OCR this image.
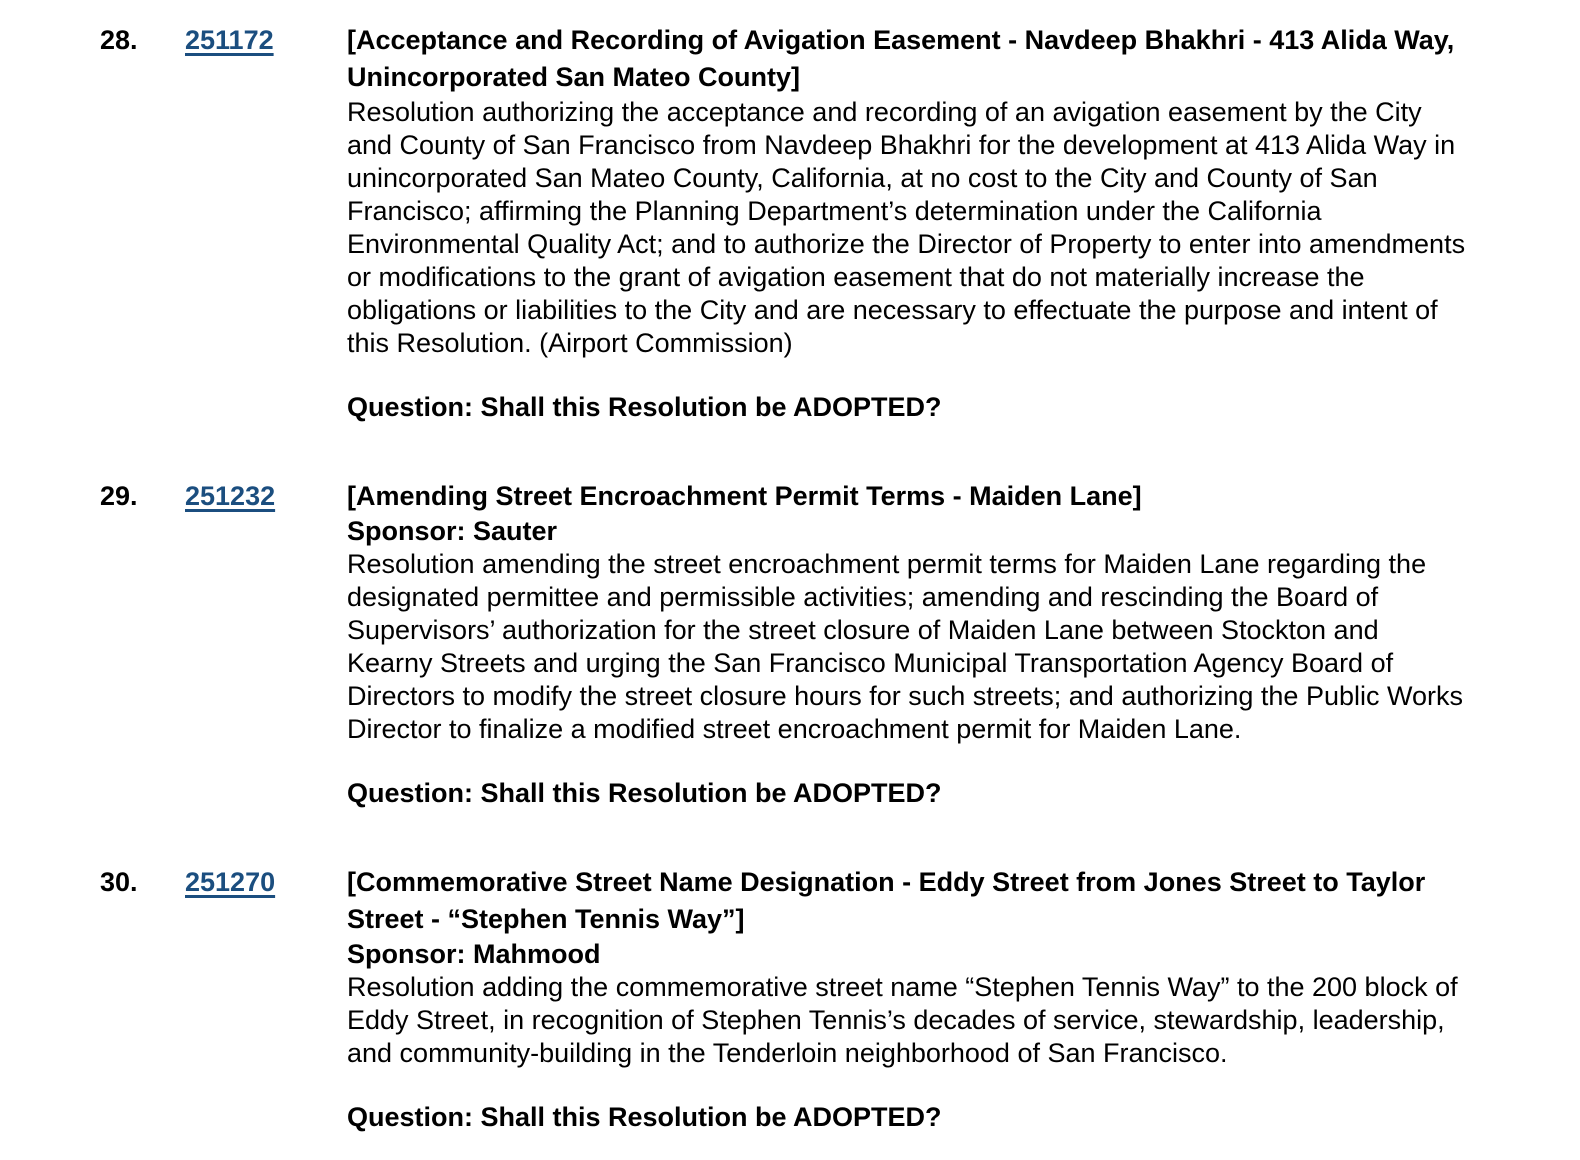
28.	251172	[Acceptance and Recording of Avigation Easement - Navdeep Bhakhri - 413 Alida Way, Unincorporated San Mateo County]
Resolution authorizing the acceptance and recording of an avigation easement by the City and County of San Francisco from Navdeep Bhakhri for the development at 413 Alida Way in unincorporated San Mateo County, California, at no cost to the City and County of San Francisco; affirming the Planning Department’s determination under the California Environmental Quality Act; and to authorize the Director of Property to enter into amendments or modifications to the grant of avigation easement that do not materially increase the obligations or liabilities to the City and are necessary to effectuate the purpose and intent of this Resolution. (Airport Commission)
Question: Shall this Resolution be ADOPTED?
29.	251232	[Amending Street Encroachment Permit Terms - Maiden Lane]
Sponsor: Sauter
Resolution amending the street encroachment permit terms for Maiden Lane regarding the designated permittee and permissible activities; amending and rescinding the Board of Supervisors’ authorization for the street closure of Maiden Lane between Stockton and Kearny Streets and urging the San Francisco Municipal Transportation Agency Board of Directors to modify the street closure hours for such streets; and authorizing the Public Works Director to finalize a modified street encroachment permit for Maiden Lane.
Question: Shall this Resolution be ADOPTED?
30.	251270	[Commemorative Street Name Designation - Eddy Street from Jones Street to Taylor Street - “Stephen Tennis Way”]
Sponsor: Mahmood
Resolution adding the commemorative street name “Stephen Tennis Way” to the 200 block of Eddy Street, in recognition of Stephen Tennis’s decades of service, stewardship, leadership, and community-building in the Tenderloin neighborhood of San Francisco.
Question: Shall this Resolution be ADOPTED?
